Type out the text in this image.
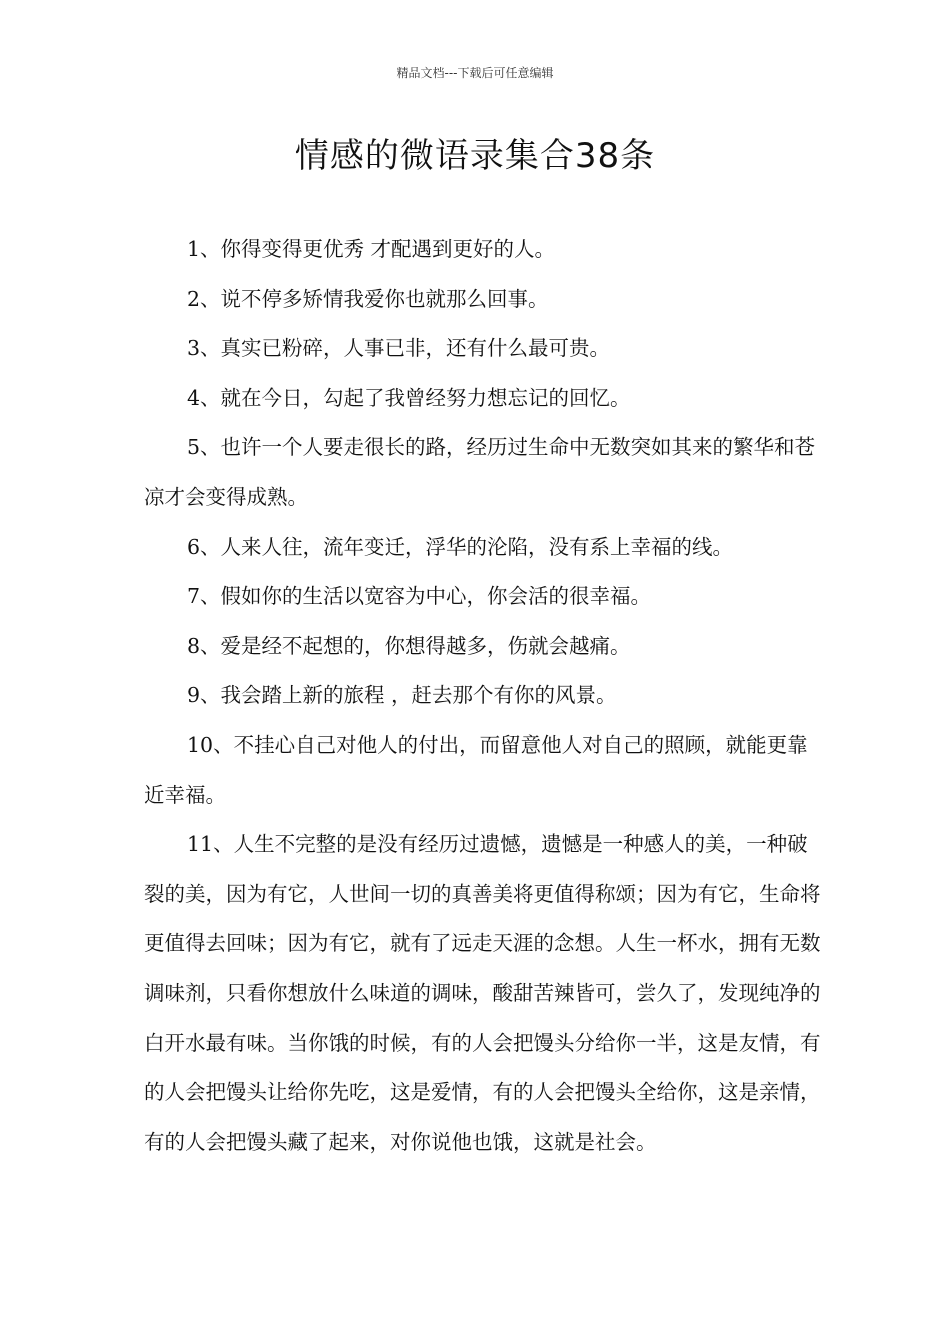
精品文档---下载后可任意编辑
情感的微语录集合38条

1、你得变得更优秀 才配遇到更好的人。

2、说不停多矫情我爱你也就那么回事。

3、真实已粉碎，人事已非，还有什么最可贵。

4、就在今日，勾起了我曾经努力想忘记的回忆。

5、也许一个人要走很长的路，经历过生命中无数突如其来的繁华和苍凉才会变得成熟。

6、人来人往，流年变迁，浮华的沦陷，没有系上幸福的线。

7、假如你的生活以宽容为中心，你会活的很幸福。

8、爱是经不起想的，你想得越多，伤就会越痛。

9、我会踏上新的旅程 ，赶去那个有你的风景。

10、不挂心自己对他人的付出，而留意他人对自己的照顾，就能更靠近幸福。

11、人生不完整的是没有经历过遗憾，遗憾是一种感人的美，一种破裂的美，因为有它，人世间一切的真善美将更值得称颂；因为有它，生命将更值得去回味；因为有它，就有了远走天涯的念想。人生一杯水，拥有无数调味剂，只看你想放什么味道的调味，酸甜苦辣皆可，尝久了，发现纯净的白开水最有味。当你饿的时候，有的人会把馒头分给你一半，这是友情，有的人会把馒头让给你先吃，这是爱情，有的人会把馒头全给你，这是亲情，有的人会把馒头藏了起来，对你说他也饿，这就是社会。
